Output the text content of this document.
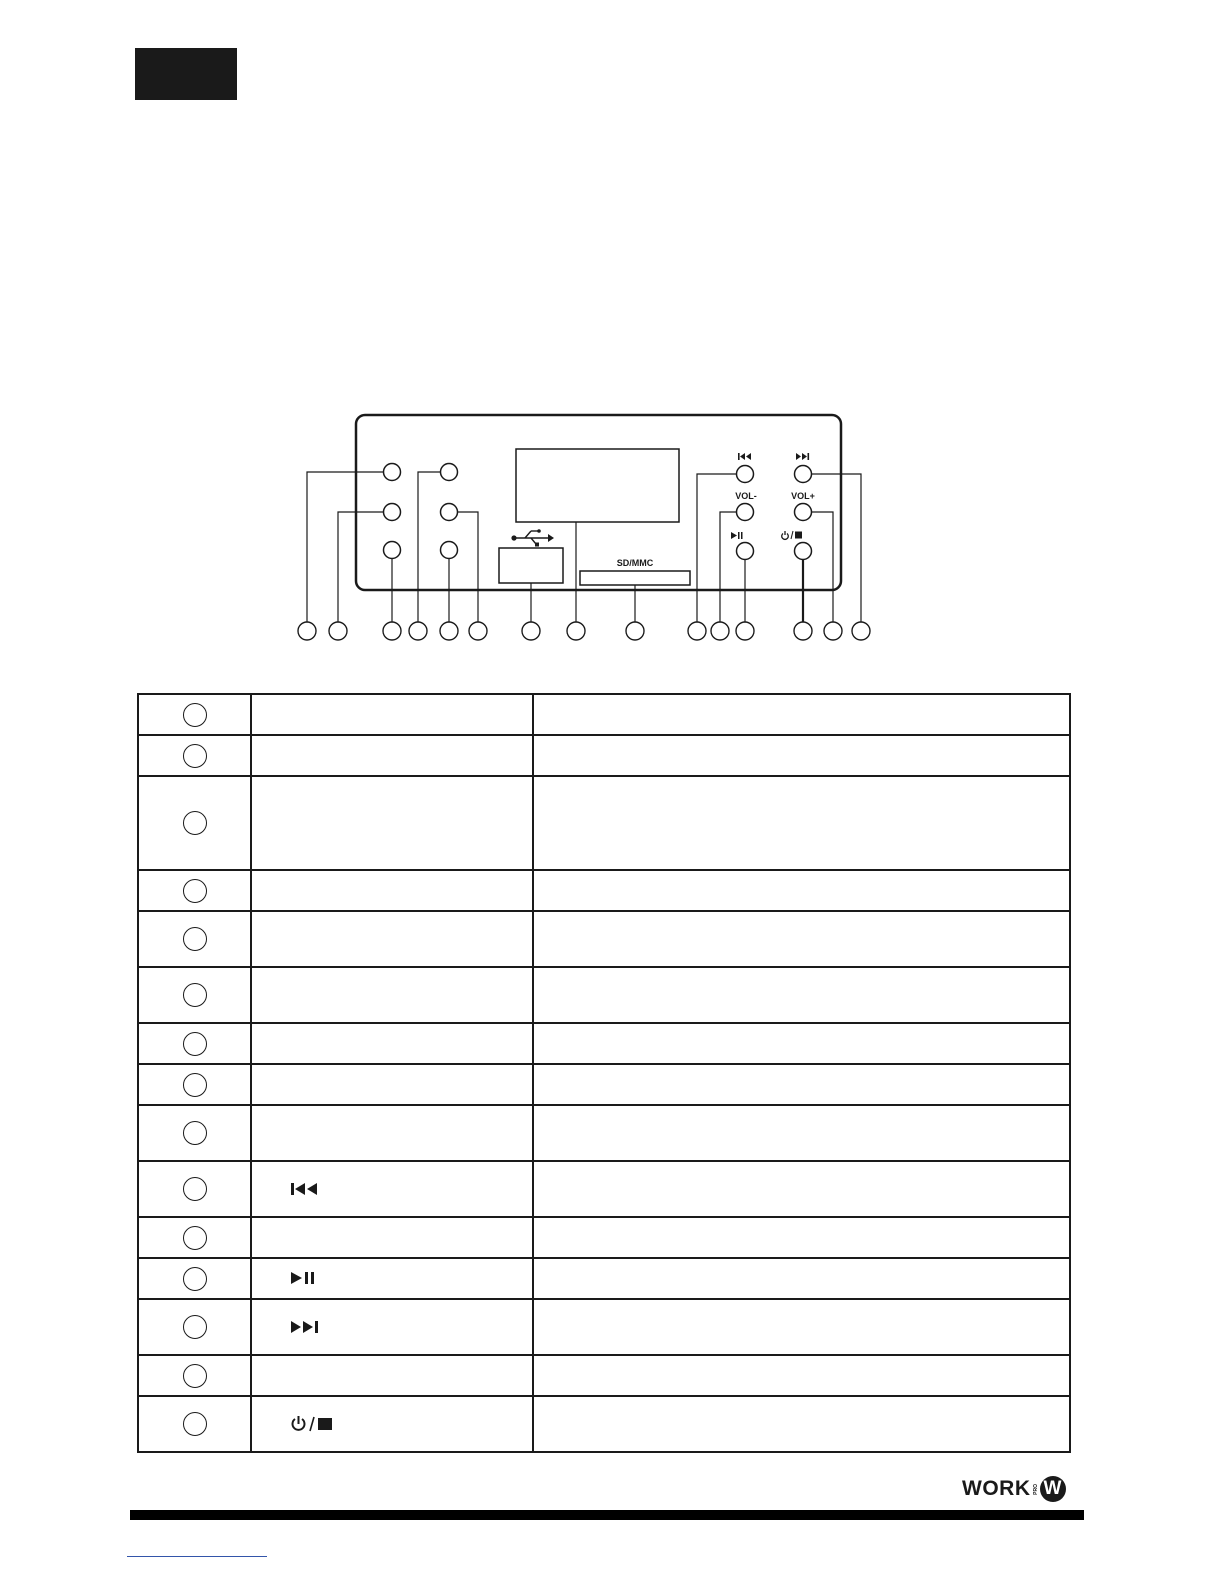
SD/MMC
VOL-	VOL+

WORK PRO W
